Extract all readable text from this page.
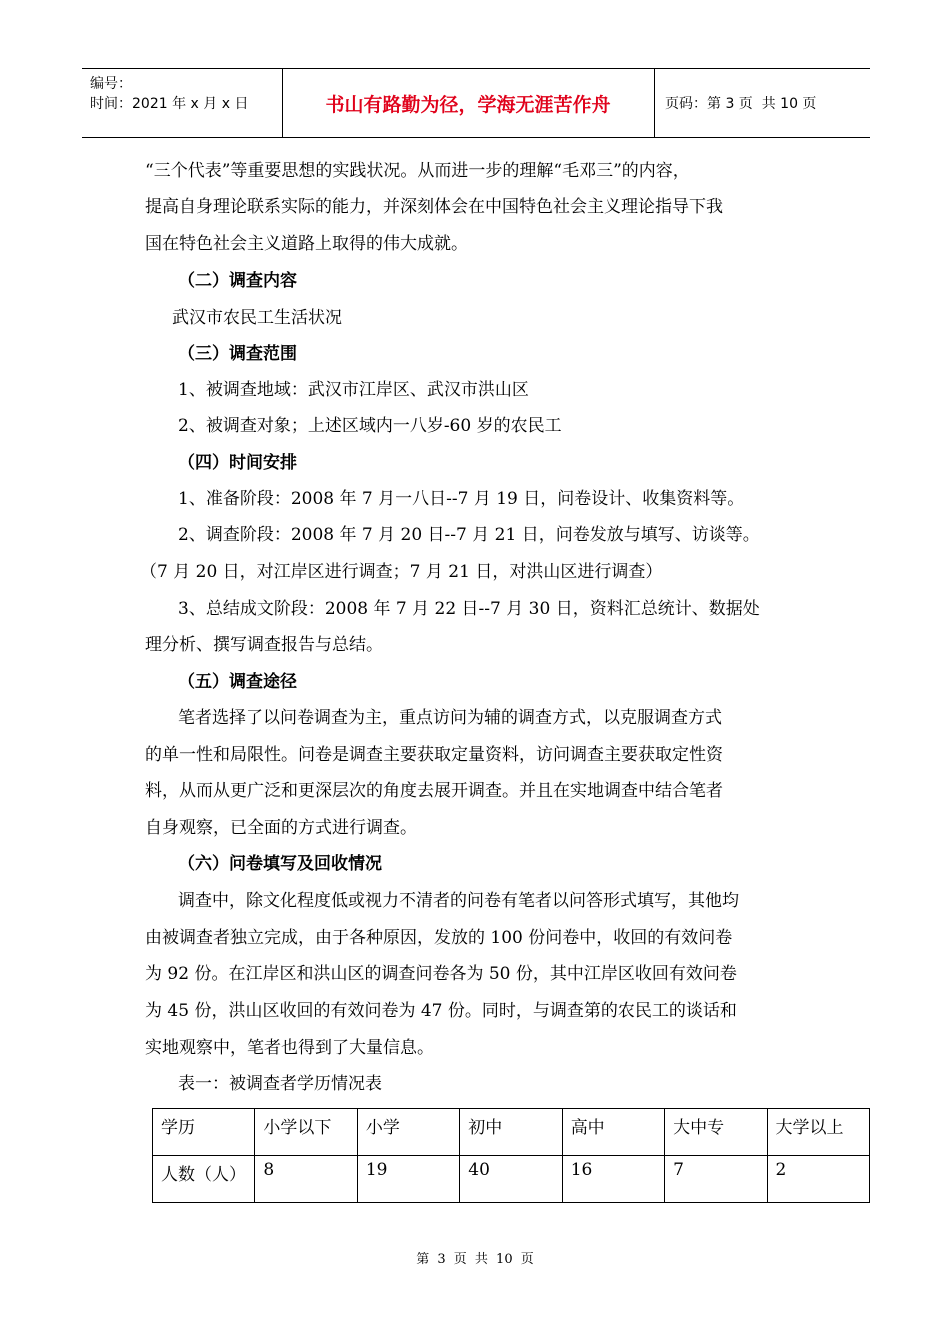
编号：
时间：2021 年 x 月 x 日	书山有路勤为径，学海无涯苦作舟	页码：第 3 页  共 10 页
“三个代表”等重要思想的实践状况。从而进一步的理解“毛邓三”的内容，
提高自身理论联系实际的能力，并深刻体会在中国特色社会主义理论指导下我
国在特色社会主义道路上取得的伟大成就。
（二）调查内容
武汉市农民工生活状况
（三）调查范围
1、被调查地域：武汉市江岸区、武汉市洪山区
2、被调查对象；上述区域内一八岁-60 岁的农民工
（四）时间安排
1、准备阶段：2008 年 7 月一八日--7 月 19 日，问卷设计、收集资料等。
2、调查阶段：2008 年 7 月 20 日--7 月 21 日，问卷发放与填写、访谈等。
（7 月 20 日，对江岸区进行调查；7 月 21 日，对洪山区进行调查）
3、总结成文阶段：2008 年 7 月 22 日--7 月 30 日，资料汇总统计、数据处
理分析、撰写调查报告与总结。
（五）调查途径
笔者选择了以问卷调查为主，重点访问为辅的调查方式，以克服调查方式
的单一性和局限性。问卷是调查主要获取定量资料，访问调查主要获取定性资
料，从而从更广泛和更深层次的角度去展开调查。并且在实地调查中结合笔者
自身观察，已全面的方式进行调查。
（六）问卷填写及回收情况
调查中，除文化程度低或视力不清者的问卷有笔者以问答形式填写，其他均
由被调查者独立完成，由于各种原因，发放的 100 份问卷中，收回的有效问卷
为 92 份。在江岸区和洪山区的调查问卷各为 50 份，其中江岸区收回有效问卷
为 45 份，洪山区收回的有效问卷为 47 份。同时，与调查第的农民工的谈话和
实地观察中，笔者也得到了大量信息。
表一：被调查者学历情况表
学历	小学以下	小学	初中	高中	大中专	大学以上
人数（人）	8	19	40	16	7	2
第 3 页 共 10 页
